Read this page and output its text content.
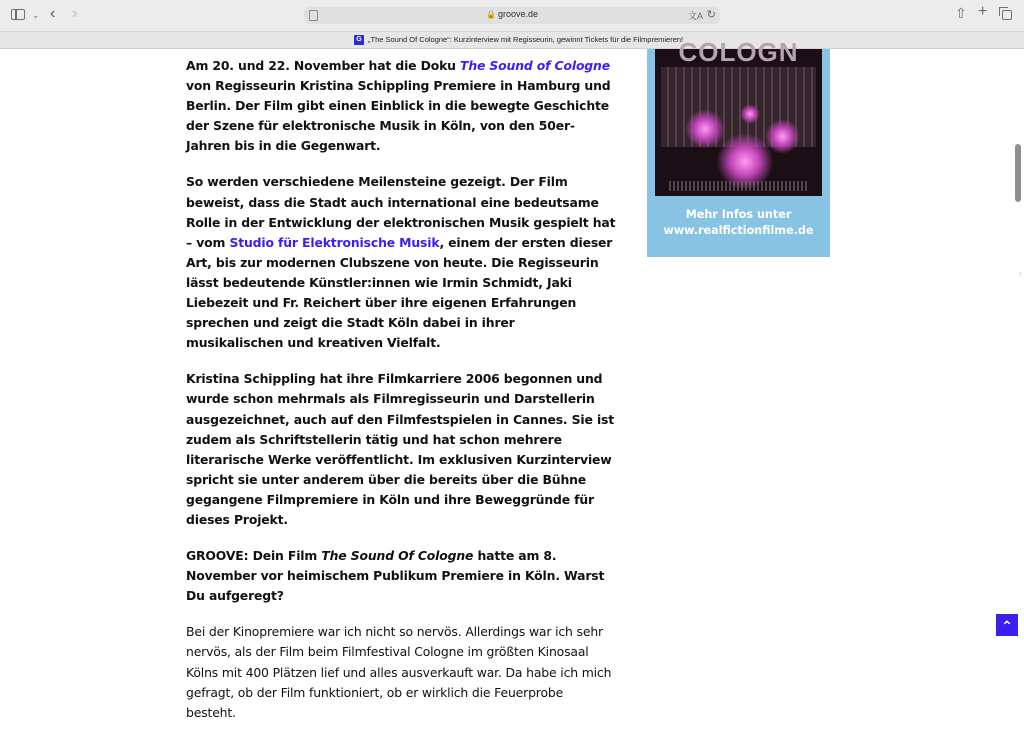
⌄ ‹ ›	🔒 groove.de	文A ↻	⇧ +
G „The Sound Of Cologne“: Kurzinterview mit Regisseurin, gewinnt Tickets für die Filmpremieren!

Am 20. und 22. November hat die Doku The Sound of Cologne von Regisseurin Kristina Schippling Premiere in Hamburg und Berlin. Der Film gibt einen Einblick in die bewegte Geschichte der Szene für elektronische Musik in Köln, von den 50er-Jahren bis in die Gegenwart.

So werden verschiedene Meilensteine gezeigt. Der Film beweist, dass die Stadt auch international eine bedeutsame Rolle in der Entwicklung der elektronischen Musik gespielt hat – vom Studio für Elektronische Musik, einem der ersten dieser Art, bis zur modernen Clubszene von heute. Die Regisseurin lässt bedeutende Künstler:innen wie Irmin Schmidt, Jaki Liebezeit und Fr. Reichert über ihre eigenen Erfahrungen sprechen und zeigt die Stadt Köln dabei in ihrer musikalischen und kreativen Vielfalt.

Kristina Schippling hat ihre Filmkarriere 2006 begonnen und wurde schon mehrmals als Filmregisseurin und Darstellerin ausgezeichnet, auch auf den Filmfestspielen in Cannes. Sie ist zudem als Schriftstellerin tätig und hat schon mehrere literarische Werke veröffentlicht. Im exklusiven Kurzinterview spricht sie unter anderem über die bereits über die Bühne gegangene Filmpremiere in Köln und ihre Beweggründe für dieses Projekt.

GROOVE: Dein Film The Sound Of Cologne hatte am 8. November vor heimischem Publikum Premiere in Köln. Warst Du aufgeregt?

Bei der Kinopremiere war ich nicht so nervös. Allerdings war ich sehr nervös, als der Film beim Filmfestival Cologne im größten Kinosaal Kölns mit 400 Plätzen lief und alles ausverkauft war. Da habe ich mich gefragt, ob der Film funktioniert, ob er wirklich die Feuerprobe besteht.

COLOGN
Mehr Infos unter
www.realfictionfilme.de
‹
⌃
